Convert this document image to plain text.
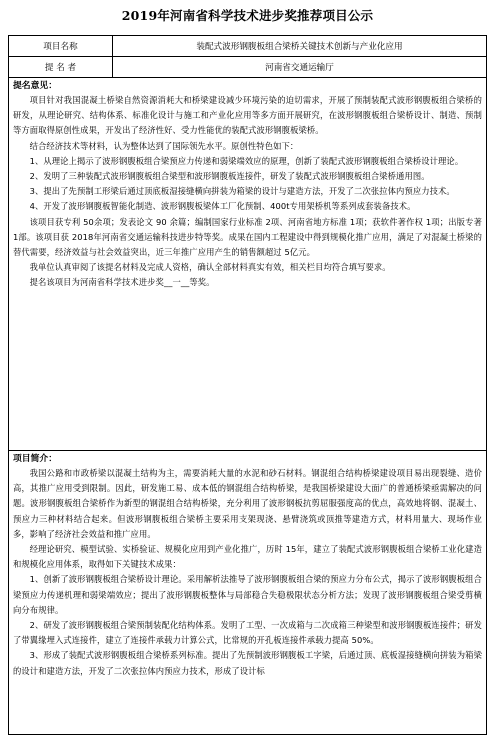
2019年河南省科学技术进步奖推荐项目公示
项目名称	装配式波形钢腹板组合梁桥关键技术创新与产业化应用
提 名 者	河南省交通运输厅
提名意见：

项目针对我国混凝土桥梁自然资源消耗大和桥梁建设减少环境污染的迫切需求，开展了预制装配式波形钢腹板组合梁桥的研发，从理论研究、结构体系、标准化设计与施工和产业化应用等多方面开展研究，在波形钢腹板组合梁桥设计、制造、预制等方面取得原创性成果，开发出了经济性好、受力性能优的装配式波形钢腹板梁桥。

结合经济技术等材料，认为整体达到了国际领先水平。原创性特色如下：

1、从理论上揭示了波形钢腹板组合梁预应力传递和弱梁端效应的原理，创新了装配式波形钢腹板组合梁桥设计理论。

2、发明了三种装配式波形钢腹板组合梁型和波形钢腹板连接件，研发了装配式波形钢腹板组合梁桥通用图。

3、提出了先预制工形梁后通过顶底板湿接缝横向拼装为箱梁的设计与建造方法，开发了二次张拉体内预应力技术。

4、开发了波形钢腹板智能化制造、波形钢腹板梁体工厂化预制、400t专用架桥机等系列成套装备技术。

该项目获专利 50余项；发表论文 90 余篇；编制国家行业标准 2项、河南省地方标准 1项；获软件著作权 1项；出版专著 1部。该项目获 2018年河南省交通运输科技进步特等奖。成果在国内工程建设中得到规模化推广应用，满足了对混凝土桥梁的替代需要，经济效益与社会效益突出，近三年推广应用产生的销售额超过 5亿元。

我单位认真审阅了该提名材料及完成人资格，确认全部材料真实有效，相关栏目均符合填写要求。

提名该项目为河南省科学技术进步奖__一__等奖。

项目简介：

我国公路和市政桥梁以混凝土结构为主，需要消耗大量的水泥和砂石材料。钢混组合结构桥梁建设项目易出现裂缝、造价高，其推广应用受到限制。因此，研发施工易、成本低的钢混组合结构桥梁，是我国桥梁建设大面广的普通桥梁亟需解决的问题。波形钢腹板组合梁桥作为新型的钢混组合结构桥梁，充分利用了波形钢板抗剪屈服强度高的优点，高效地将钢、混凝土、预应力三种材料结合起来。但波形钢腹板组合梁桥主要采用支架现浇、悬臂浇筑或顶推等建造方式，材料用量大、现场作业多，影响了经济社会效益和推广应用。

经理论研究、模型试验、实桥验证、规模化应用到产业化推广，历时 15年，建立了装配式波形钢腹板组合梁桥工业化建造和规模化应用体系，取得如下关键技术成果：

1、创新了波形钢腹板组合梁桥设计理论。采用解析法推导了波形钢腹板组合梁的预应力分布公式，揭示了波形钢腹板组合梁预应力传递机理和弱梁端效应；提出了波形钢腹板整体与局部稳合失稳极限状态分析方法；发现了波形钢腹板组合梁受剪横向分布规律。

2、研发了波形钢腹板组合梁预制装配化结构体系。发明了工型、一次成箱与二次成箱三种梁型和波形钢腹板连接件；研发了带翼缘埋入式连接件，建立了连接件承载力计算公式，比常规的开孔板连接件承载力提高 50%。

3、形成了装配式波形钢腹板组合梁桥系列标准。提出了先预制波形钢腹板工字梁，后通过顶、底板湿接缝横向拼装为箱梁的设计和建造方法，开发了二次张拉体内预应力技术，形成了设计标
